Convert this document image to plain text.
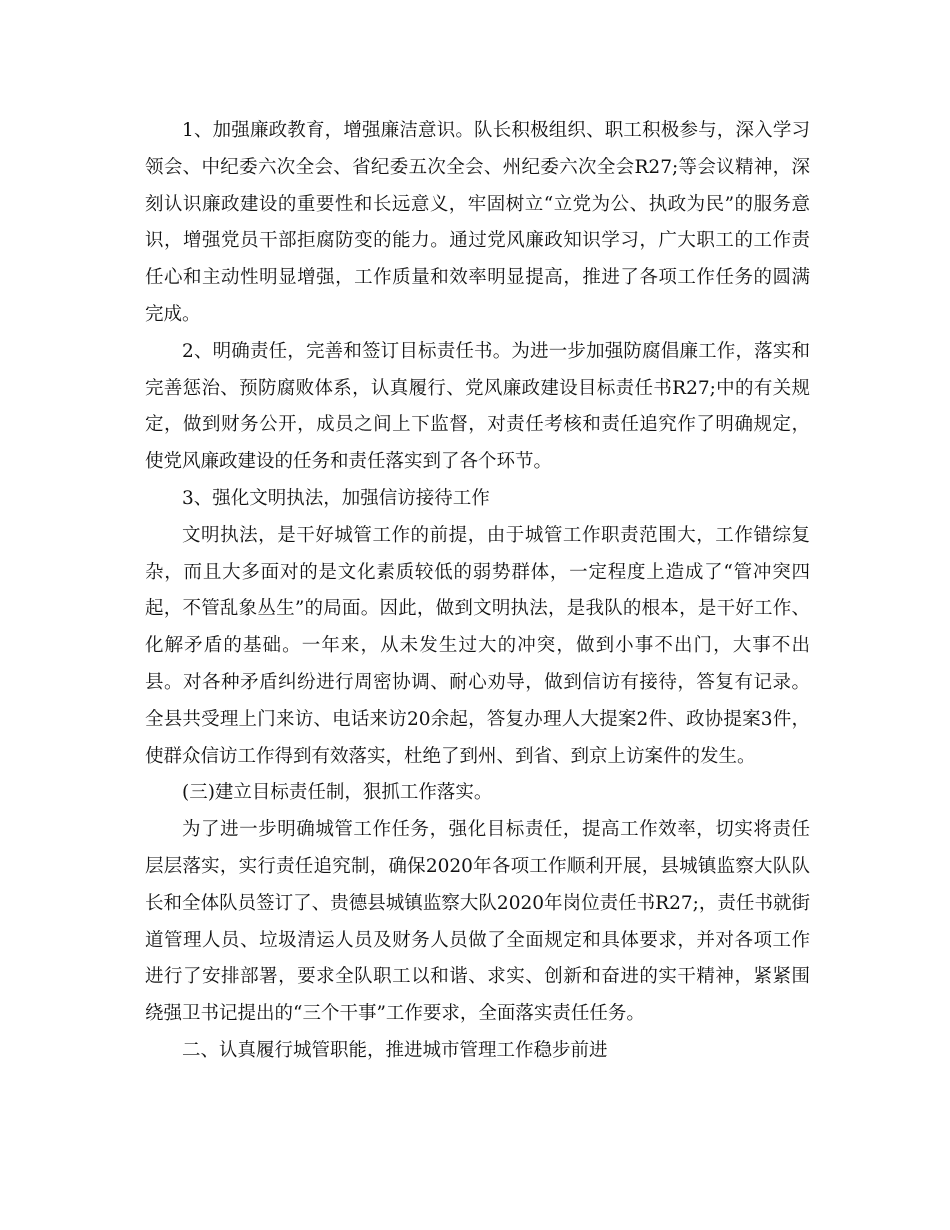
1、加强廉政教育，增强廉洁意识。队长积极组织、职工积极参与，深入学习领会、中纪委六次全会、省纪委五次全会、州纪委六次全会R27;等会议精神，深刻认识廉政建设的重要性和长远意义，牢固树立“立党为公、执政为民”的服务意识，增强党员干部拒腐防变的能力。通过党风廉政知识学习，广大职工的工作责任心和主动性明显增强，工作质量和效率明显提高，推进了各项工作任务的圆满完成。

2、明确责任，完善和签订目标责任书。为进一步加强防腐倡廉工作，落实和完善惩治、预防腐败体系，认真履行、党风廉政建设目标责任书R27;中的有关规定，做到财务公开，成员之间上下监督，对责任考核和责任追究作了明确规定，使党风廉政建设的任务和责任落实到了各个环节。

3、强化文明执法，加强信访接待工作

文明执法，是干好城管工作的前提，由于城管工作职责范围大，工作错综复杂，而且大多面对的是文化素质较低的弱势群体，一定程度上造成了“管冲突四起，不管乱象丛生”的局面。因此，做到文明执法，是我队的根本，是干好工作、化解矛盾的基础。一年来，从未发生过大的冲突，做到小事不出门，大事不出县。对各种矛盾纠纷进行周密协调、耐心劝导，做到信访有接待，答复有记录。全县共受理上门来访、电话来访20余起，答复办理人大提案2件、政协提案3件，使群众信访工作得到有效落实，杜绝了到州、到省、到京上访案件的发生。

(三)建立目标责任制，狠抓工作落实。

为了进一步明确城管工作任务，强化目标责任，提高工作效率，切实将责任层层落实，实行责任追究制，确保2020年各项工作顺利开展，县城镇监察大队队长和全体队员签订了、贵德县城镇监察大队2020年岗位责任书R27;，责任书就街道管理人员、垃圾清运人员及财务人员做了全面规定和具体要求，并对各项工作进行了安排部署，要求全队职工以和谐、求实、创新和奋进的实干精神，紧紧围绕强卫书记提出的“三个干事”工作要求，全面落实责任任务。

二、认真履行城管职能，推进城市管理工作稳步前进
